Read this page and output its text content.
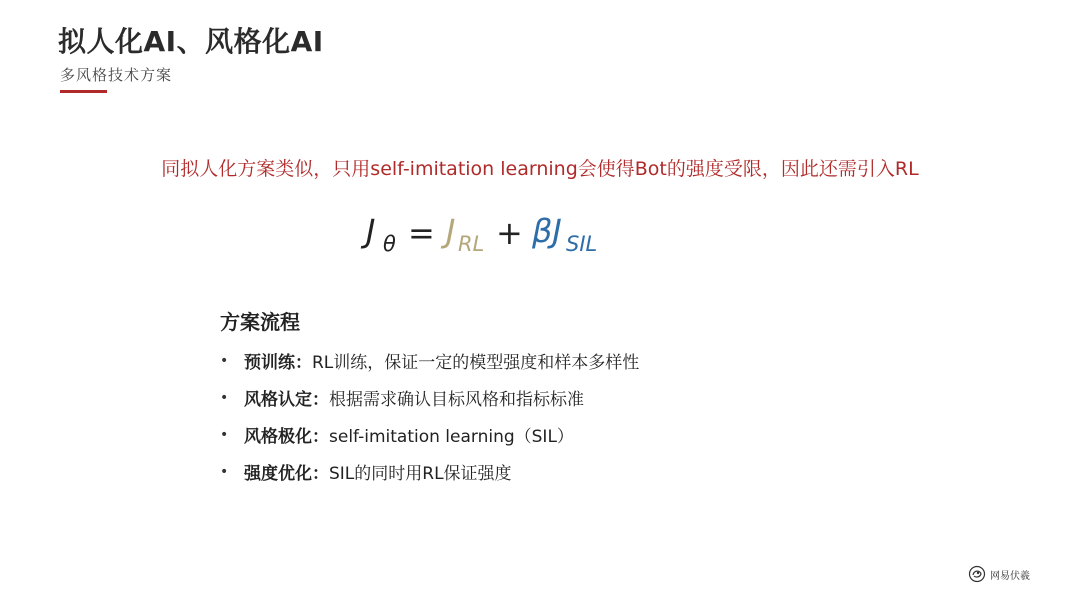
拟人化AI、风格化AI
多风格技术方案
同拟人化方案类似，只用self-imitation learning会使得Bot的强度受限，因此还需引入RL
J θ = J RL + βJ SIL
方案流程
• 预训练 ： RL训练，保证一定的模型强度和样本多样性
• 风格认定 ： 根据需求确认目标风格和指标标准
• 风格极化 ： self-imitation learning（SIL）
• 强度优化 ： SIL的同时用RL保证强度
网易伏羲
